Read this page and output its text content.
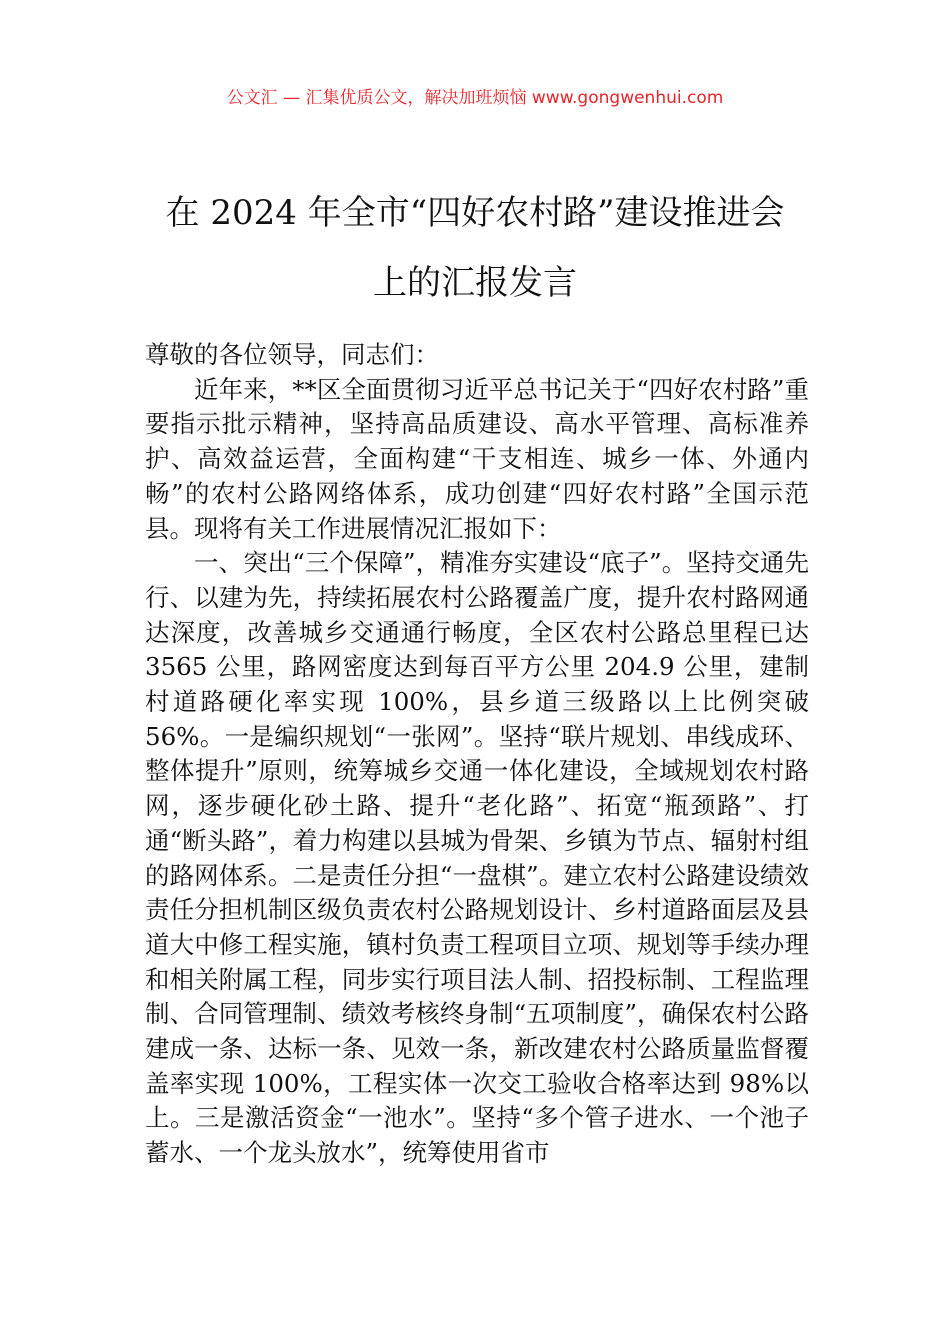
公文汇 — 汇集优质公文，解决加班烦恼 www.gongwenhui.com
在 2024 年全市“四好农村路”建设推进会
上的汇报发言

尊敬的各位领导，同志们：

近年来，**区全面贯彻习近平总书记关于“四好农村路”重要指示批示精神，坚持高品质建设、高水平管理、高标准养护、高效益运营，全面构建“干支相连、城乡一体、外通内畅”的农村公路网络体系，成功创建“四好农村路”全国示范县。现将有关工作进展情况汇报如下：

一、突出“三个保障”，精准夯实建设“底子”。坚持交通先行、以建为先，持续拓展农村公路覆盖广度，提升农村路网通达深度，改善城乡交通通行畅度，全区农村公路总里程已达 3565 公里，路网密度达到每百平方公里 204.9 公里，建制村道路硬化率实现 100%，县乡道三级路以上比例突破 56%。一是编织规划“一张网”。坚持“联片规划、串线成环、整体提升”原则，统筹城乡交通一体化建设，全域规划农村路网，逐步硬化砂土路、提升“老化路”、拓宽“瓶颈路”、打通“断头路”，着力构建以县城为骨架、乡镇为节点、辐射村组的路网体系。二是责任分担“一盘棋”。建立农村公路建设绩效责任分担机制区级负责农村公路规划设计、乡村道路面层及县道大中修工程实施，镇村负责工程项目立项、规划等手续办理和相关附属工程，同步实行项目法人制、招投标制、工程监理制、合同管理制、绩效考核终身制“五项制度”，确保农村公路建成一条、达标一条、见效一条，新改建农村公路质量监督覆盖率实现 100%，工程实体一次交工验收合格率达到 98%以上。三是激活资金“一池水”。坚持“多个管子进水、一个池子蓄水、一个龙头放水”，统筹使用省市
